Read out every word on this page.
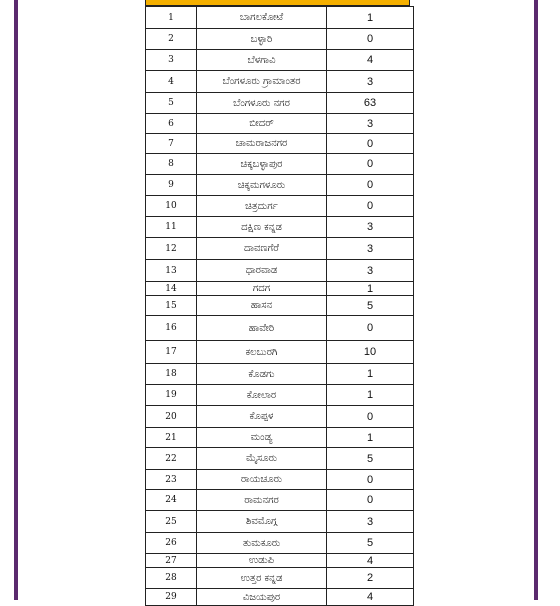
1	ಬಾಗಲಕೋಟೆ	1
2	ಬಳ್ಳಾರಿ	0
3	ಬೆಳಗಾವಿ	4
4	ಬೆಂಗಳೂರು ಗ್ರಾಮಾಂತರ	3
5	ಬೆಂಗಳೂರು ನಗರ	63
6	ಬೀದರ್	3
7	ಚಾಮರಾಜನಗರ	0
8	ಚಿಕ್ಕಬಳ್ಳಾಪುರ	0
9	ಚಿಕ್ಕಮಗಳೂರು	0
10	ಚಿತ್ರದುರ್ಗ	0
11	ದಕ್ಷಿಣ ಕನ್ನಡ	3
12	ದಾವಣಗೆರೆ	3
13	ಧಾರವಾಡ	3
14	ಗದಗ	1
15	ಹಾಸನ	5
16	ಹಾವೇರಿ	0
17	ಕಲಬುರಗಿ	10
18	ಕೊಡಗು	1
19	ಕೋಲಾರ	1
20	ಕೊಪ್ಪಳ	0
21	ಮಂಡ್ಯ	1
22	ಮೈಸೂರು	5
23	ರಾಯಚೂರು	0
24	ರಾಮನಗರ	0
25	ಶಿವಮೊಗ್ಗ	3
26	ತುಮಕೂರು	5
27	ಉಡುಪಿ	4
28	ಉತ್ತರ ಕನ್ನಡ	2
29	ವಿಜಯಪುರ	4
